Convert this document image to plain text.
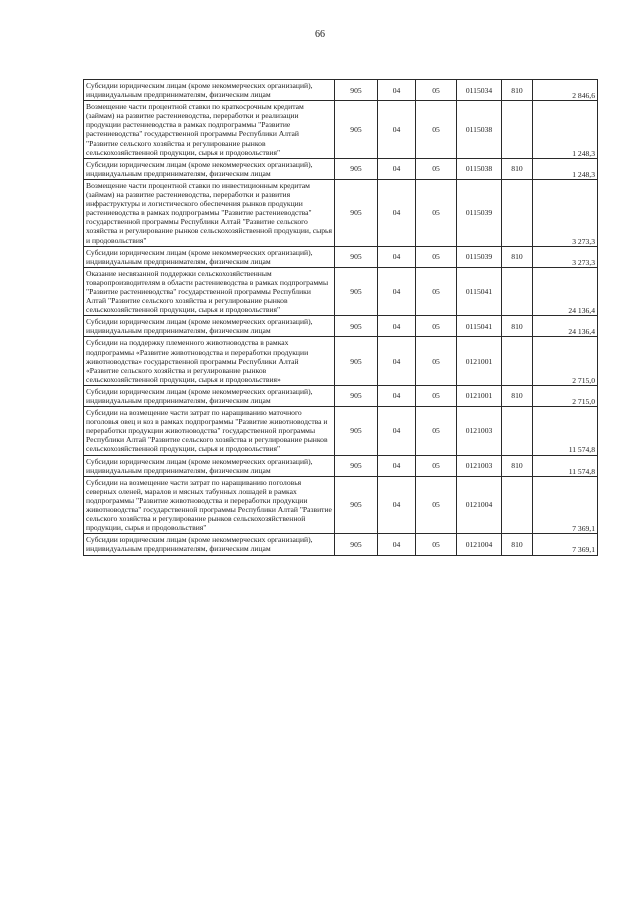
66
Субсидии юридическим лицам (кроме некоммерческих организаций), индивидуальным предпринимателям, физическим лицам	905	04	05	0115034	810	2 846,6
Возмещение части процентной ставки по краткосрочным кредитам (займам) на развитие растениеводства, переработки и реализации продукции растениеводства в рамках подпрограммы "Развитие растениеводства" государственной программы Республики Алтай "Развитие сельского хозяйства и регулирование рынков сельскохозяйственной продукции, сырья и продовольствия"	905	04	05	0115038		1 248,3
Субсидии юридическим лицам (кроме некоммерческих организаций), индивидуальным предпринимателям, физическим лицам	905	04	05	0115038	810	1 248,3
Возмещение части процентной ставки по инвестиционным кредитам (займам) на развитие растениеводства, переработки и развития инфраструктуры и логистического обеспечения рынков продукции растениеводства в рамках подпрограммы "Развитие растениеводства" государственной программы Республики Алтай "Развитие сельского хозяйства и регулирование рынков сельскохозяйственной продукции, сырья и продовольствия"	905	04	05	0115039		3 273,3
Субсидии юридическим лицам (кроме некоммерческих организаций), индивидуальным предпринимателям, физическим лицам	905	04	05	0115039	810	3 273,3
Оказание несвязанной поддержки сельскохозяйственным товаропроизводителям в области растениеводства в рамках подпрограммы "Развитие растениеводства" государственной программы Республики Алтай "Развитие сельского хозяйства и регулирование рынков сельскохозяйственной продукции, сырья и продовольствия"	905	04	05	0115041		24 136,4
Субсидии юридическим лицам (кроме некоммерческих организаций), индивидуальным предпринимателям, физическим лицам	905	04	05	0115041	810	24 136,4
Субсидии на поддержку племенного животноводства в рамках подпрограммы «Развитие животноводства и переработки продукции животноводства» государственной программы Республики Алтай «Развитие сельского хозяйства и регулирование рынков сельскохозяйственной продукции, сырья и продовольствия»	905	04	05	0121001		2 715,0
Субсидии юридическим лицам (кроме некоммерческих организаций), индивидуальным предпринимателям, физическим лицам	905	04	05	0121001	810	2 715,0
Субсидии на возмещение части затрат по наращиванию маточного поголовья овец и коз в рамках подпрограммы "Развитие животноводства и переработки продукции животноводства" государственной программы Республики Алтай "Развитие сельского хозяйства и регулирование рынков сельскохозяйственной продукции, сырья и продовольствия"	905	04	05	0121003		11 574,8
Субсидии юридическим лицам (кроме некоммерческих организаций), индивидуальным предпринимателям, физическим лицам	905	04	05	0121003	810	11 574,8
Субсидии на возмещение части затрат по наращиванию поголовья северных оленей, маралов и мясных табунных лошадей в рамках подпрограммы "Развитие животноводства и переработки продукции животноводства" государственной программы Республики Алтай "Развитие сельского хозяйства и регулирование рынков сельскохозяйственной продукции, сырья и продовольствия"	905	04	05	0121004		7 369,1
Субсидии юридическим лицам (кроме некоммерческих организаций), индивидуальным предпринимателям, физическим лицам	905	04	05	0121004	810	7 369,1
